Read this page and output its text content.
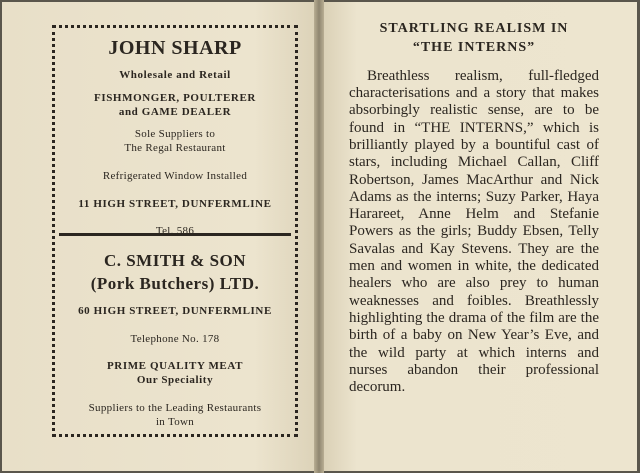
JOHN SHARP

Wholesale and Retail

FISHMONGER, POULTERER

and GAME DEALER

Sole Suppliers to

The Regal Restaurant

Refrigerated Window Installed

11 HIGH STREET, DUNFERMLINE

Tel. 586

C. SMITH & SON

(Pork Butchers) LTD.

60 HIGH STREET, DUNFERMLINE

Telephone No. 178

PRIME QUALITY MEAT

Our Speciality

Suppliers to the Leading Restaurants

in Town

STARTLING REALISM IN
“THE INTERNS”

Breathless realism, full-fledged characterisations and a story that makes absorbingly realistic sense, are to be found in “THE INTERNS,” which is brilliantly played by a bountiful cast of stars, including Michael Callan, Cliff Robertson, James MacArthur and Nick Adams as the interns; Suzy Parker, Haya Harareet, Anne Helm and Stefanie Powers as the girls; Buddy Ebsen, Telly Savalas and Kay Stevens. They are the men and women in white, the dedicated healers who are also prey to human weaknesses and foibles. Breathlessly highlighting the drama of the film are the birth of a baby on New Year’s Eve, and the wild party at which interns and nurses abandon their professional decorum.
